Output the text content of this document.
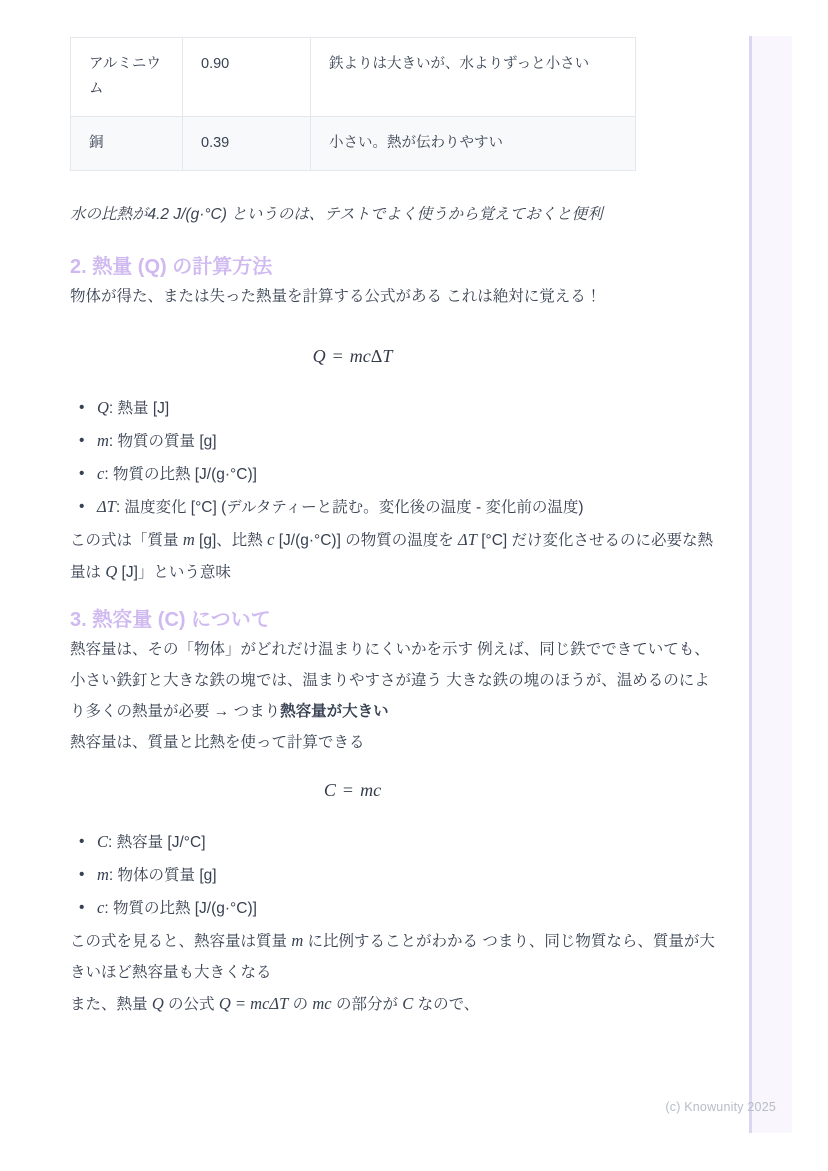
アルミニウム	0.90	鉄よりは大きいが、水よりずっと小さい
銅	0.39	小さい。熱が伝わりやすい

水の比熱が4.2 J/(g·°C) というのは、テストでよく使うから覚えておくと便利

2. 熱量 (Q) の計算方法

物体が得た、または失った熱量を計算する公式がある これは絶対に覚える！

Q = mcΔT
• Q: 熱量 [J]
• m: 物質の質量 [g]
• c: 物質の比熱 [J/(g·°C)]
• ΔT: 温度変化 [°C] (デルタティーと読む。変化後の温度 - 変化前の温度)

この式は「質量 m [g]、比熱 c [J/(g·°C)] の物質の温度を ΔT [°C] だけ変化させるのに必要な熱量は Q [J]」という意味

3. 熱容量 (C) について

熱容量は、その「物体」がどれだけ温まりにくいかを示す 例えば、同じ鉄でできていても、小さい鉄釘と大きな鉄の塊では、温まりやすさが違う 大きな鉄の塊のほうが、温めるのにより多くの熱量が必要 → つまり熱容量が大きい

熱容量は、質量と比熱を使って計算できる

C = mc
• C: 熱容量 [J/°C]
• m: 物体の質量 [g]
• c: 物質の比熱 [J/(g·°C)]

この式を見ると、熱容量は質量 m に比例することがわかる つまり、同じ物質なら、質量が大きいほど熱容量も大きくなる

また、熱量 Q の公式 Q = mcΔT の mc の部分が C なので、

(c) Knowunity 2025
